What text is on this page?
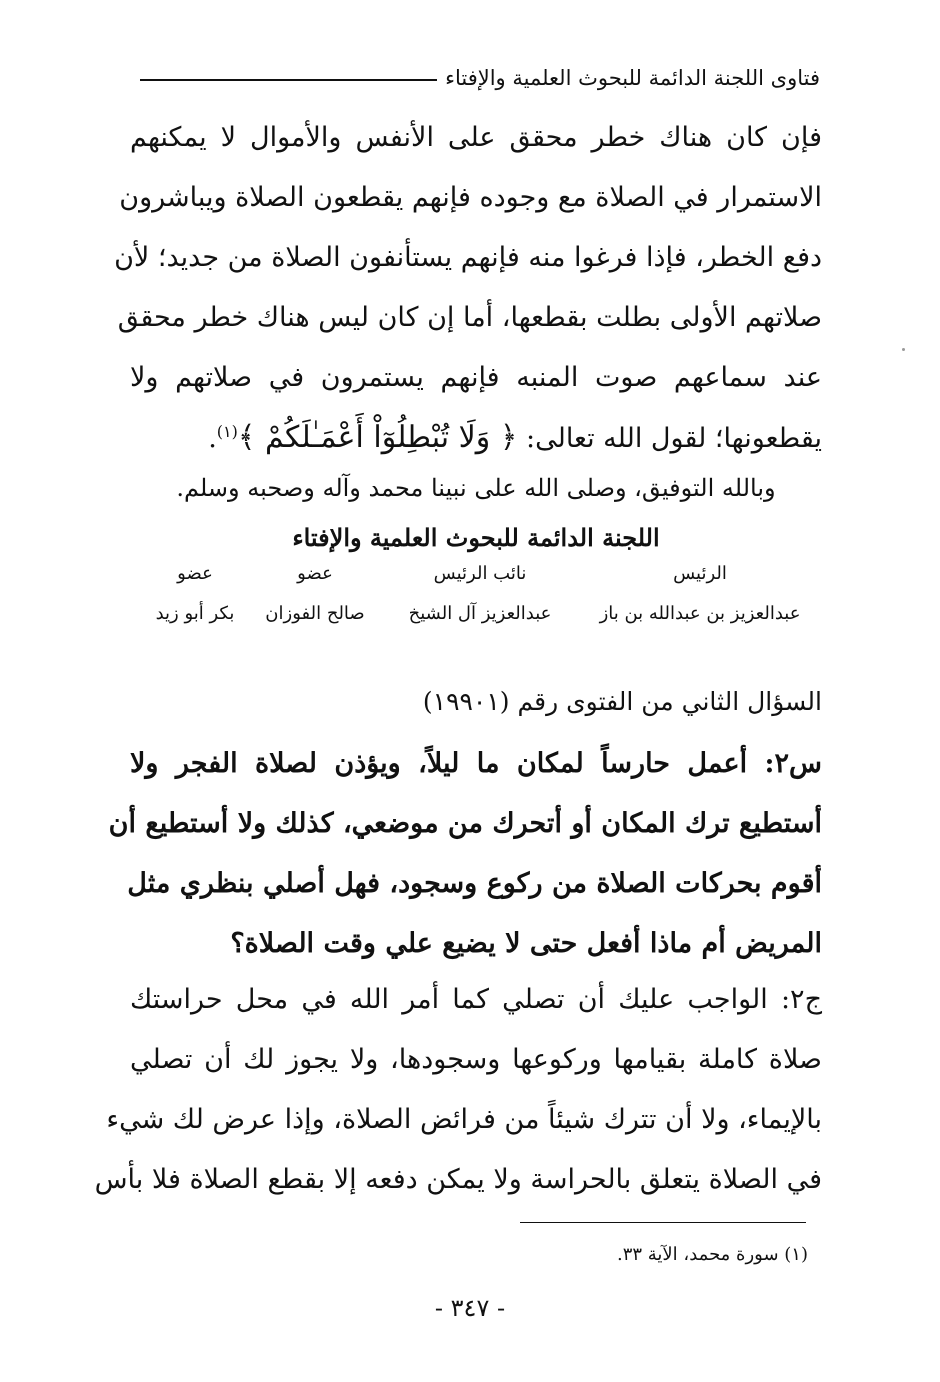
فتاوى اللجنة الدائمة للبحوث العلمية والإفتاء
فإن كان هناك خطر محقق على الأنفس والأموال لا يمكنهم
الاستمرار في الصلاة مع وجوده فإنهم يقطعون الصلاة ويباشرون
دفع الخطر، فإذا فرغوا منه فإنهم يستأنفون الصلاة من جديد؛ لأن
صلاتهم الأولى بطلت بقطعها، أما إن كان ليس هناك خطر محقق
عند سماعهم صوت المنبه فإنهم يستمرون في صلاتهم ولا
يقطعونها؛ لقول الله تعالى: ﴿ وَلَا تُبْطِلُوٓاْ أَعْمَـٰلَكُمْ ﴾$^{(١)}$.
وبالله التوفيق، وصلى الله على نبينا محمد وآله وصحبه وسلم.
اللجنة الدائمة للبحوث العلمية والإفتاء
عضو	عضو	نائب الرئيس	الرئيس
بكر أبو زيد	صالح الفوزان	عبدالعزيز آل الشيخ	عبدالعزيز بن عبدالله بن باز
السؤال الثاني من الفتوى رقم (١٩٩٠١)
س٢: أعمل حارساً لمكان ما ليلاً، ويؤذن لصلاة الفجر ولا
أستطيع ترك المكان أو أتحرك من موضعي، كذلك ولا أستطيع أن
أقوم بحركات الصلاة من ركوع وسجود، فهل أصلي بنظري مثل
المريض أم ماذا أفعل حتى لا يضيع علي وقت الصلاة؟
ج٢: الواجب عليك أن تصلي كما أمر الله في محل حراستك
صلاة كاملة بقيامها وركوعها وسجودها، ولا يجوز لك أن تصلي
بالإيماء، ولا أن تترك شيئاً من فرائض الصلاة، وإذا عرض لك شيء
في الصلاة يتعلق بالحراسة ولا يمكن دفعه إلا بقطع الصلاة فلا بأس
(١) سورة محمد، الآية ٣٣.
- ٣٤٧ -
